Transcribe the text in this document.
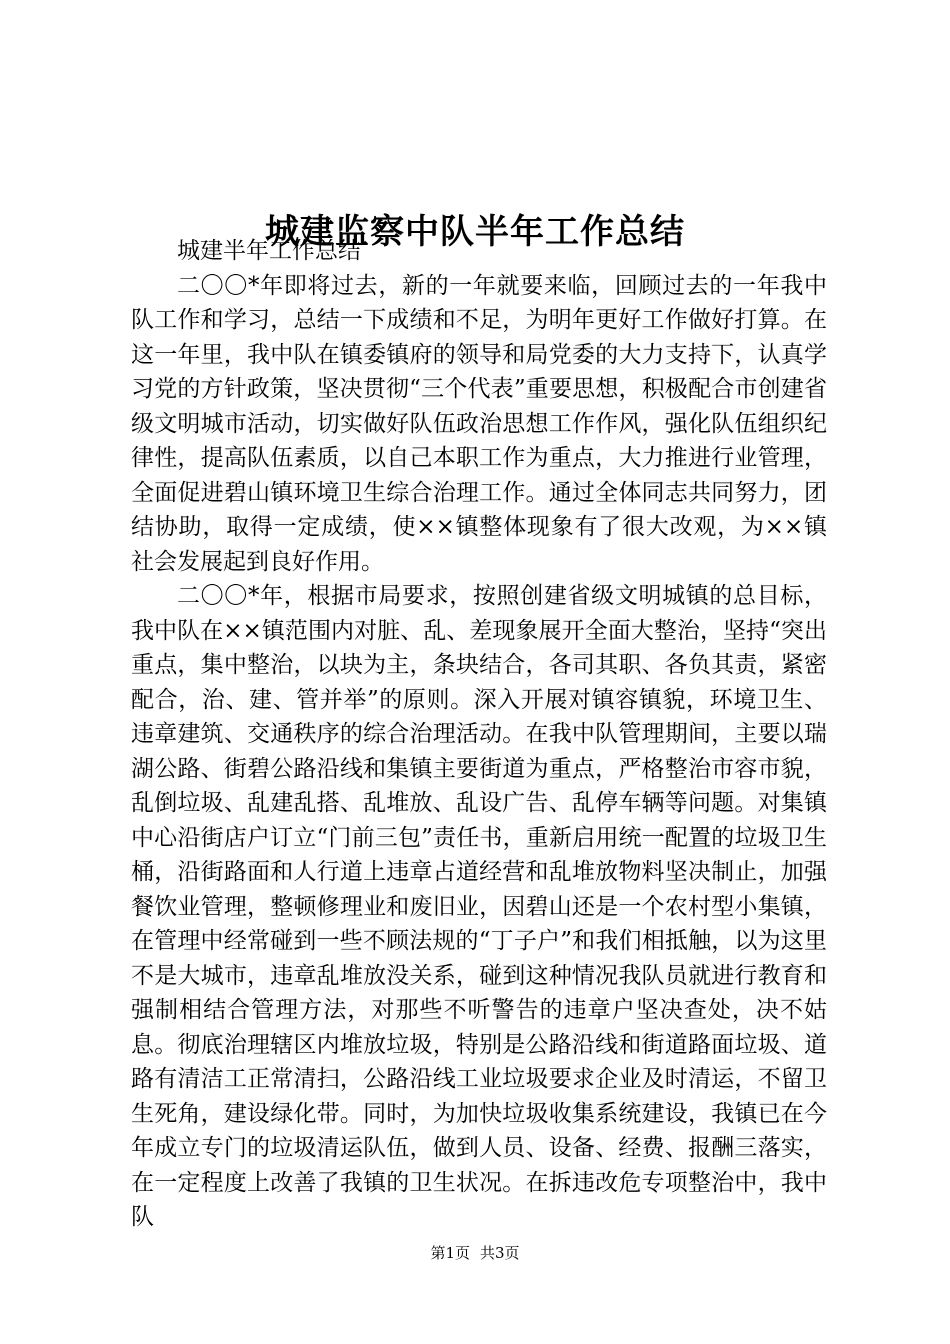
城建监察中队半年工作总结

城建半年工作总结

二〇〇*年即将过去，新的一年就要来临，回顾过去的一年我中队工作和学习，总结一下成绩和不足，为明年更好工作做好打算。在这一年里，我中队在镇委镇府的领导和局党委的大力支持下，认真学习党的方针政策，坚决贯彻“三个代表”重要思想，积极配合市创建省级文明城市活动，切实做好队伍政治思想工作作风，强化队伍组织纪律性，提高队伍素质，以自己本职工作为重点，大力推进行业管理，全面促进碧山镇环境卫生综合治理工作。通过全体同志共同努力，团结协助，取得一定成绩，使××镇整体现象有了很大改观，为××镇社会发展起到良好作用。

二〇〇*年，根据市局要求，按照创建省级文明城镇的总目标，我中队在××镇范围内对脏、乱、差现象展开全面大整治，坚持“突出重点，集中整治，以块为主，条块结合，各司其职、各负其责，紧密配合，治、建、管并举”的原则。深入开展对镇容镇貌，环境卫生、违章建筑、交通秩序的综合治理活动。在我中队管理期间，主要以瑞湖公路、街碧公路沿线和集镇主要街道为重点，严格整治市容市貌，乱倒垃圾、乱建乱搭、乱堆放、乱设广告、乱停车辆等问题。对集镇中心沿街店户订立“门前三包”责任书，重新启用统一配置的垃圾卫生桶，沿街路面和人行道上违章占道经营和乱堆放物料坚决制止，加强餐饮业管理，整顿修理业和废旧业，因碧山还是一个农村型小集镇，在管理中经常碰到一些不顾法规的“丁子户”和我们相抵触，以为这里不是大城市，违章乱堆放没关系，碰到这种情况我队员就进行教育和强制相结合管理方法，对那些不听警告的违章户坚决查处，决不姑息。彻底治理辖区内堆放垃圾，特别是公路沿线和街道路面垃圾、道路有清洁工正常清扫，公路沿线工业垃圾要求企业及时清运，不留卫生死角，建设绿化带。同时，为加快垃圾收集系统建设，我镇已在今年成立专门的垃圾清运队伍，做到人员、设备、经费、报酬三落实，在一定程度上改善了我镇的卫生状况。在拆违改危专项整治中，我中队

第1页 共3页
